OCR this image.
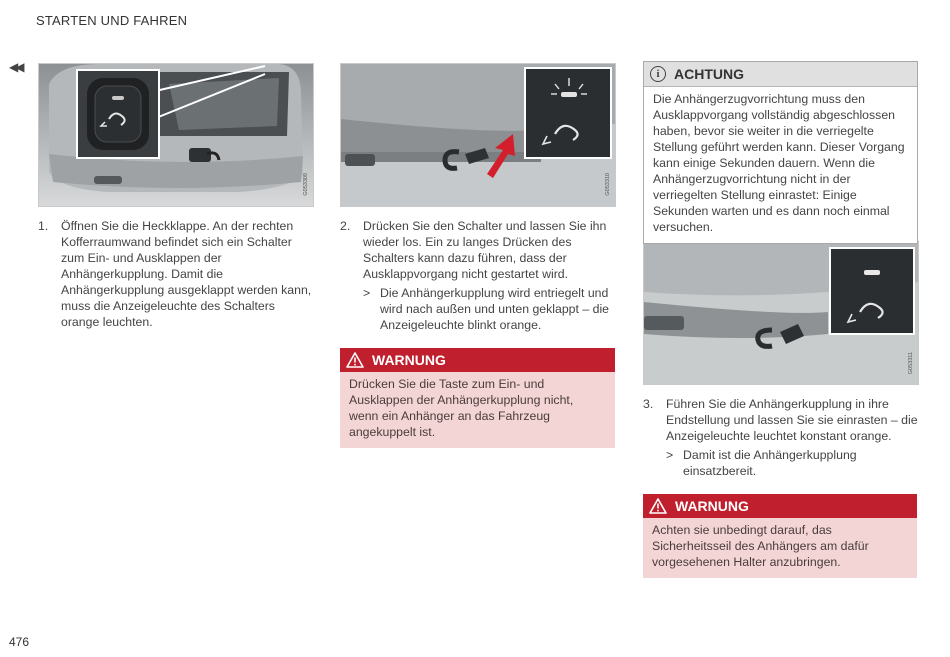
STARTEN UND FAHREN
◀◀
G053309	G053310
G053311
1. Öffnen Sie die Heckklappe. An der rechten Kofferraumwand befindet sich ein Schalter zum Ein- und Ausklappen der Anhängerkupplung. Damit die Anhängerkupplung ausgeklappt werden kann, muss die Anzeigeleuchte des Schalters orange leuchten.
2. Drücken Sie den Schalter und lassen Sie ihn wieder los. Ein zu langes Drücken des Schalters kann dazu führen, dass der Ausklappvorgang nicht gestartet wird.
> Die Anhängerkupplung wird entriegelt und wird nach außen und unten geklappt – die Anzeigeleuchte blinkt orange.
WARNUNG
Drücken Sie die Taste zum Ein- und Ausklappen der Anhängerkupplung nicht, wenn ein Anhänger an das Fahrzeug angekuppelt ist.
i	ACHTUNG
Die Anhängerzugvorrichtung muss den Ausklappvorgang vollständig abgeschlossen haben, bevor sie weiter in die verriegelte Stellung geführt werden kann. Dieser Vorgang kann einige Sekunden dauern. Wenn die Anhängerzugvorrichtung nicht in der verriegelten Stellung einrastet: Einige Sekunden warten und es dann noch einmal versuchen.
3. Führen Sie die Anhängerkupplung in ihre Endstellung und lassen Sie sie einrasten – die Anzeigeleuchte leuchtet konstant orange.
> Damit ist die Anhängerkupplung einsatzbereit.
WARNUNG
Achten sie unbedingt darauf, das Sicherheitsseil des Anhängers am dafür vorgesehenen Halter anzubringen.
476
